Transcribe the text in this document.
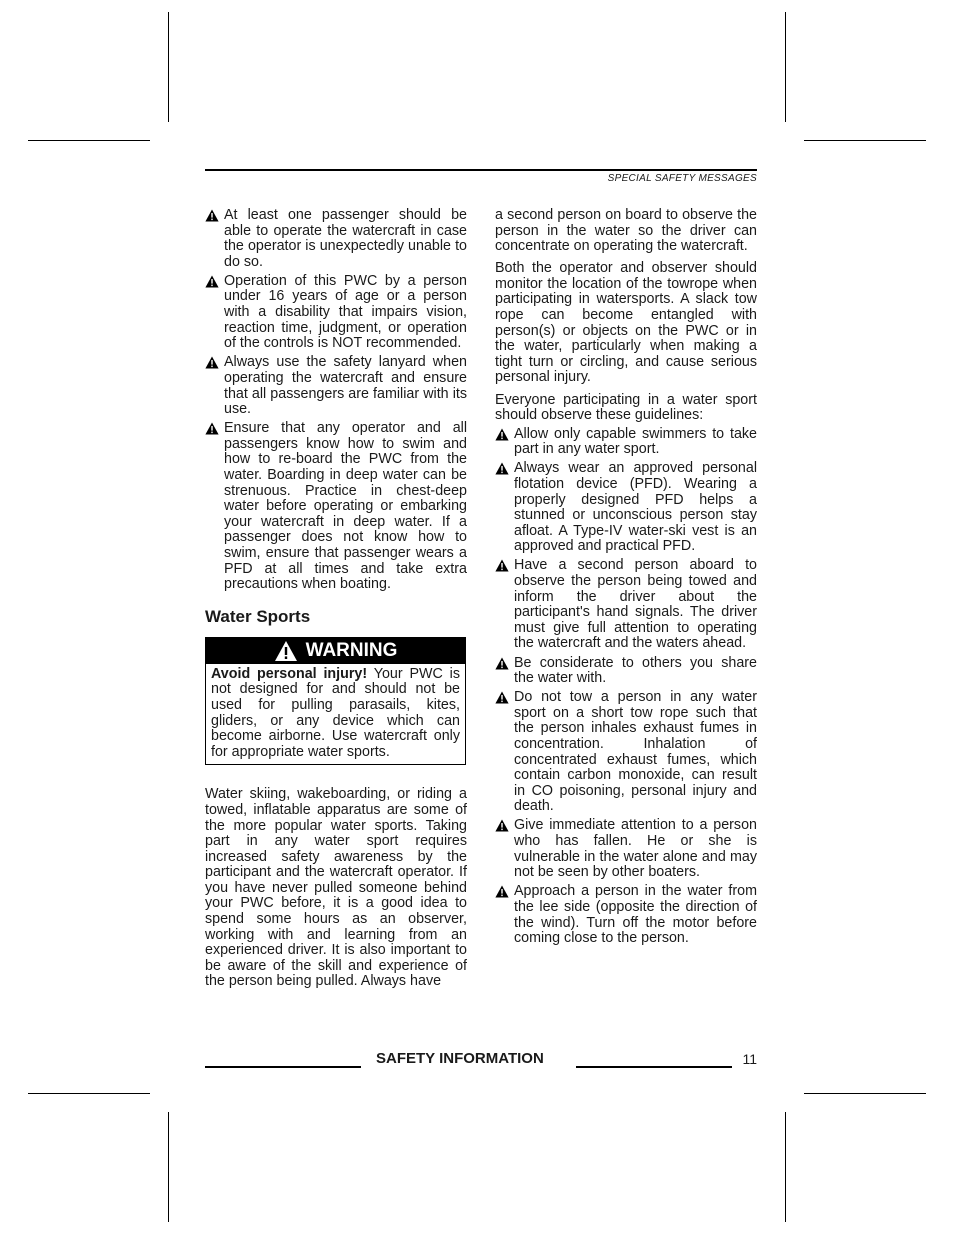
SPECIAL SAFETY MESSAGES
At least one passenger should be able to operate the watercraft in case the operator is unexpectedly unable to do so.
Operation of this PWC by a person under 16 years of age or a person with a disability that impairs vision, reaction time, judgment, or operation of the controls is NOT recommended.
Always use the safety lanyard when operating the watercraft and ensure that all passengers are familiar with its use.
Ensure that any operator and all passengers know how to swim and how to re-board the PWC from the water. Boarding in deep water can be strenuous. Practice in chest-deep water before operating or embarking your watercraft in deep water. If a passenger does not know how to swim, ensure that passenger wears a PFD at all times and take extra precautions when boating.
Water Sports
WARNING
Avoid personal injury! Your PWC is not designed for and should not be used for pulling parasails, kites, gliders, or any device which can become airborne. Use watercraft only for appropriate water sports.

Water skiing, wakeboarding, or riding a towed, inflatable apparatus are some of the more popular water sports. Taking part in any water sport requires increased safety awareness by the participant and the watercraft operator. If you have never pulled someone behind your PWC before, it is a good idea to spend some hours as an observer, working with and learning from an experienced driver. It is also important to be aware of the skill and experience of the person being pulled. Always have

a second person on board to observe the person in the water so the driver can concentrate on operating the watercraft.

Both the operator and observer should monitor the location of the towrope when participating in watersports. A slack tow rope can become entangled with person(s) or objects on the PWC or in the water, particularly when making a tight turn or circling, and cause serious personal injury.

Everyone participating in a water sport should observe these guidelines:

Allow only capable swimmers to take part in any water sport.
Always wear an approved personal flotation device (PFD). Wearing a properly designed PFD helps a stunned or unconscious person stay afloat. A Type-IV water-ski vest is an approved and practical PFD.
Have a second person aboard to observe the person being towed and inform the driver about the participant's hand signals. The driver must give full attention to operating the watercraft and the waters ahead.
Be considerate to others you share the water with.
Do not tow a person in any water sport on a short tow rope such that the person inhales exhaust fumes in concentration. Inhalation of concentrated exhaust fumes, which contain carbon monoxide, can result in CO poisoning, personal injury and death.
Give immediate attention to a person who has fallen. He or she is vulnerable in the water alone and may not be seen by other boaters.
Approach a person in the water from the lee side (opposite the direction of the wind). Turn off the motor before coming close to the person.
SAFETY INFORMATION	11
